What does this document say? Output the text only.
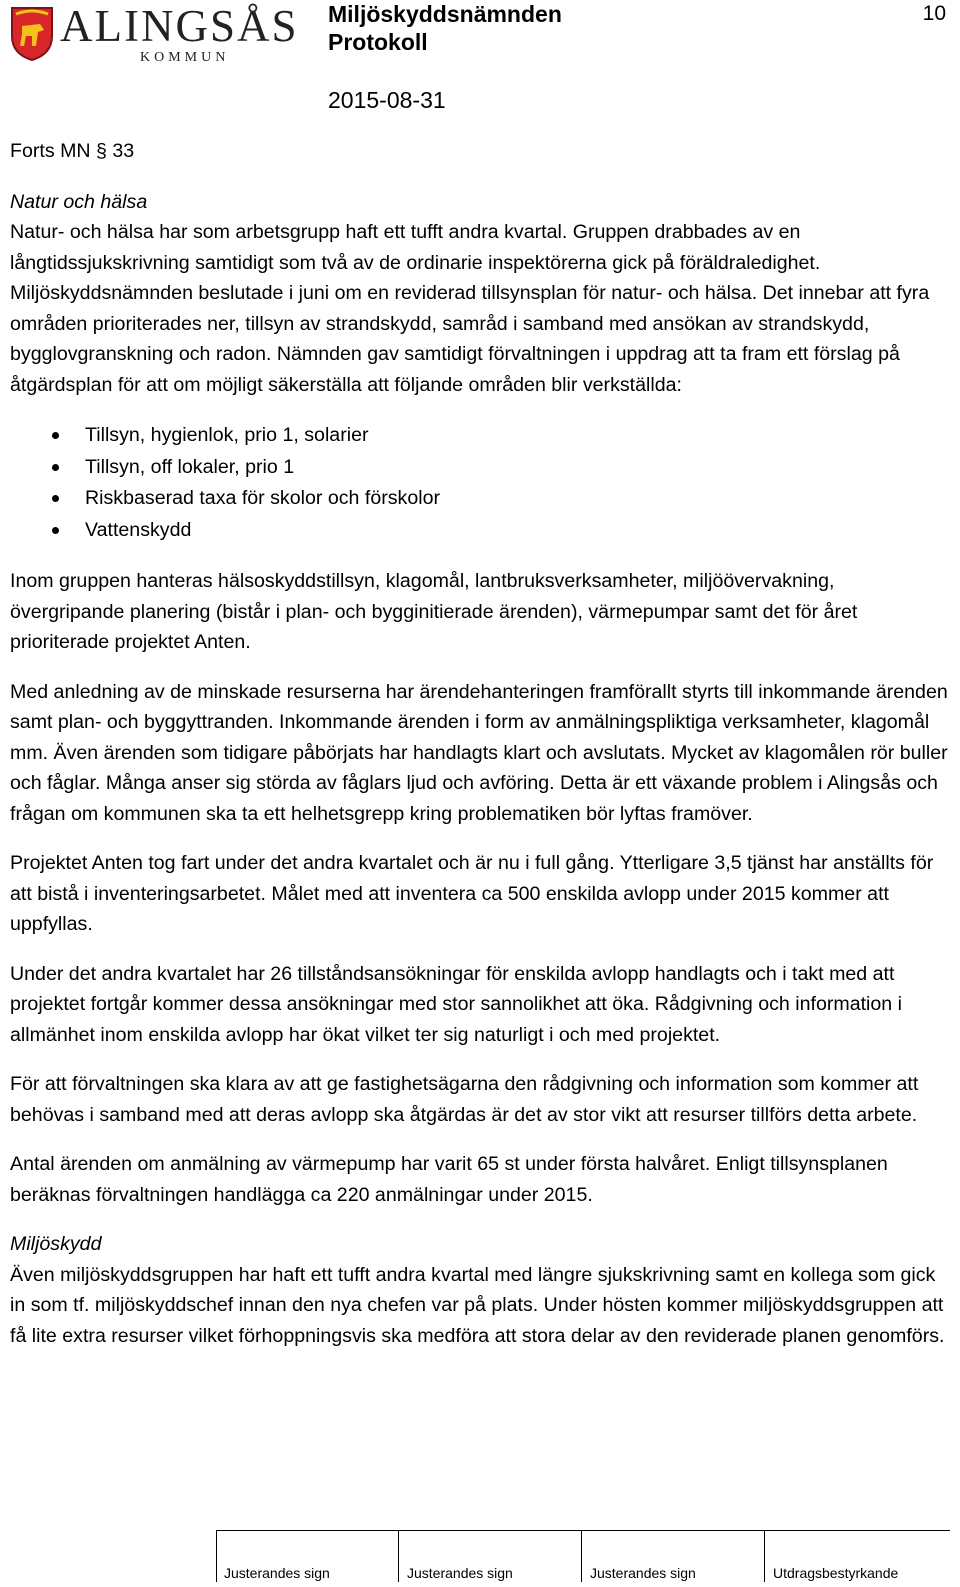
ALINGSÅS
KOMMUN
Miljöskyddsnämnden
Protokoll
2015-08-31
10

Forts MN § 33

Natur och hälsa

Natur- och hälsa har som arbetsgrupp haft ett tufft andra kvartal. Gruppen drabbades av en långtidssjukskrivning samtidigt som två av de ordinarie inspektörerna gick på föräldraledighet. Miljöskyddsnämnden beslutade i juni om en reviderad tillsynsplan för natur- och hälsa. Det innebar att fyra områden prioriterades ner, tillsyn av strandskydd, samråd i samband med ansökan av strandskydd, bygglovgranskning och radon. Nämnden gav samtidigt förvaltningen i uppdrag att ta fram ett förslag på åtgärdsplan för att om möjligt säkerställa att följande områden blir verkställda:

Tillsyn, hygienlok, prio 1, solarier
Tillsyn, off lokaler, prio 1
Riskbaserad taxa för skolor och förskolor
Vattenskydd

Inom gruppen hanteras hälsoskyddstillsyn, klagomål, lantbruksverksamheter, miljöövervakning, övergripande planering (bistår i plan- och bygginitierade ärenden), värmepumpar samt det för året prioriterade projektet Anten.

Med anledning av de minskade resurserna har ärendehanteringen framförallt styrts till inkommande ärenden samt plan- och byggyttranden. Inkommande ärenden i form av anmälningspliktiga verksamheter, klagomål mm. Även ärenden som tidigare påbörjats har handlagts klart och avslutats. Mycket av klagomålen rör buller och fåglar. Många anser sig störda av fåglars ljud och avföring. Detta är ett växande problem i Alingsås och frågan om kommunen ska ta ett helhetsgrepp kring problematiken bör lyftas framöver.

Projektet Anten tog fart under det andra kvartalet och är nu i full gång. Ytterligare 3,5 tjänst har anställts för att bistå i inventeringsarbetet. Målet med att inventera ca 500 enskilda avlopp under 2015 kommer att uppfyllas.

Under det andra kvartalet har 26 tillståndsansökningar för enskilda avlopp handlagts och i takt med att projektet fortgår kommer dessa ansökningar med stor sannolikhet att öka. Rådgivning och information i allmänhet inom enskilda avlopp har ökat vilket ter sig naturligt i och med projektet.

För att förvaltningen ska klara av att ge fastighetsägarna den rådgivning och information som kommer att behövas i samband med att deras avlopp ska åtgärdas är det av stor vikt att resurser tillförs detta arbete.

Antal ärenden om anmälning av värmepump har varit 65 st under första halvåret. Enligt tillsynsplanen beräknas förvaltningen handlägga ca 220 anmälningar under 2015.

Miljöskydd

Även miljöskyddsgruppen har haft ett tufft andra kvartal med längre sjukskrivning samt en kollega som gick in som tf. miljöskyddschef innan den nya chefen var på plats. Under hösten kommer miljöskyddsgruppen att få lite extra resurser vilket förhoppningsvis ska medföra att stora delar av den reviderade planen genomförs.

Justerandes sign	Justerandes sign	Justerandes sign	Utdragsbestyrkande
